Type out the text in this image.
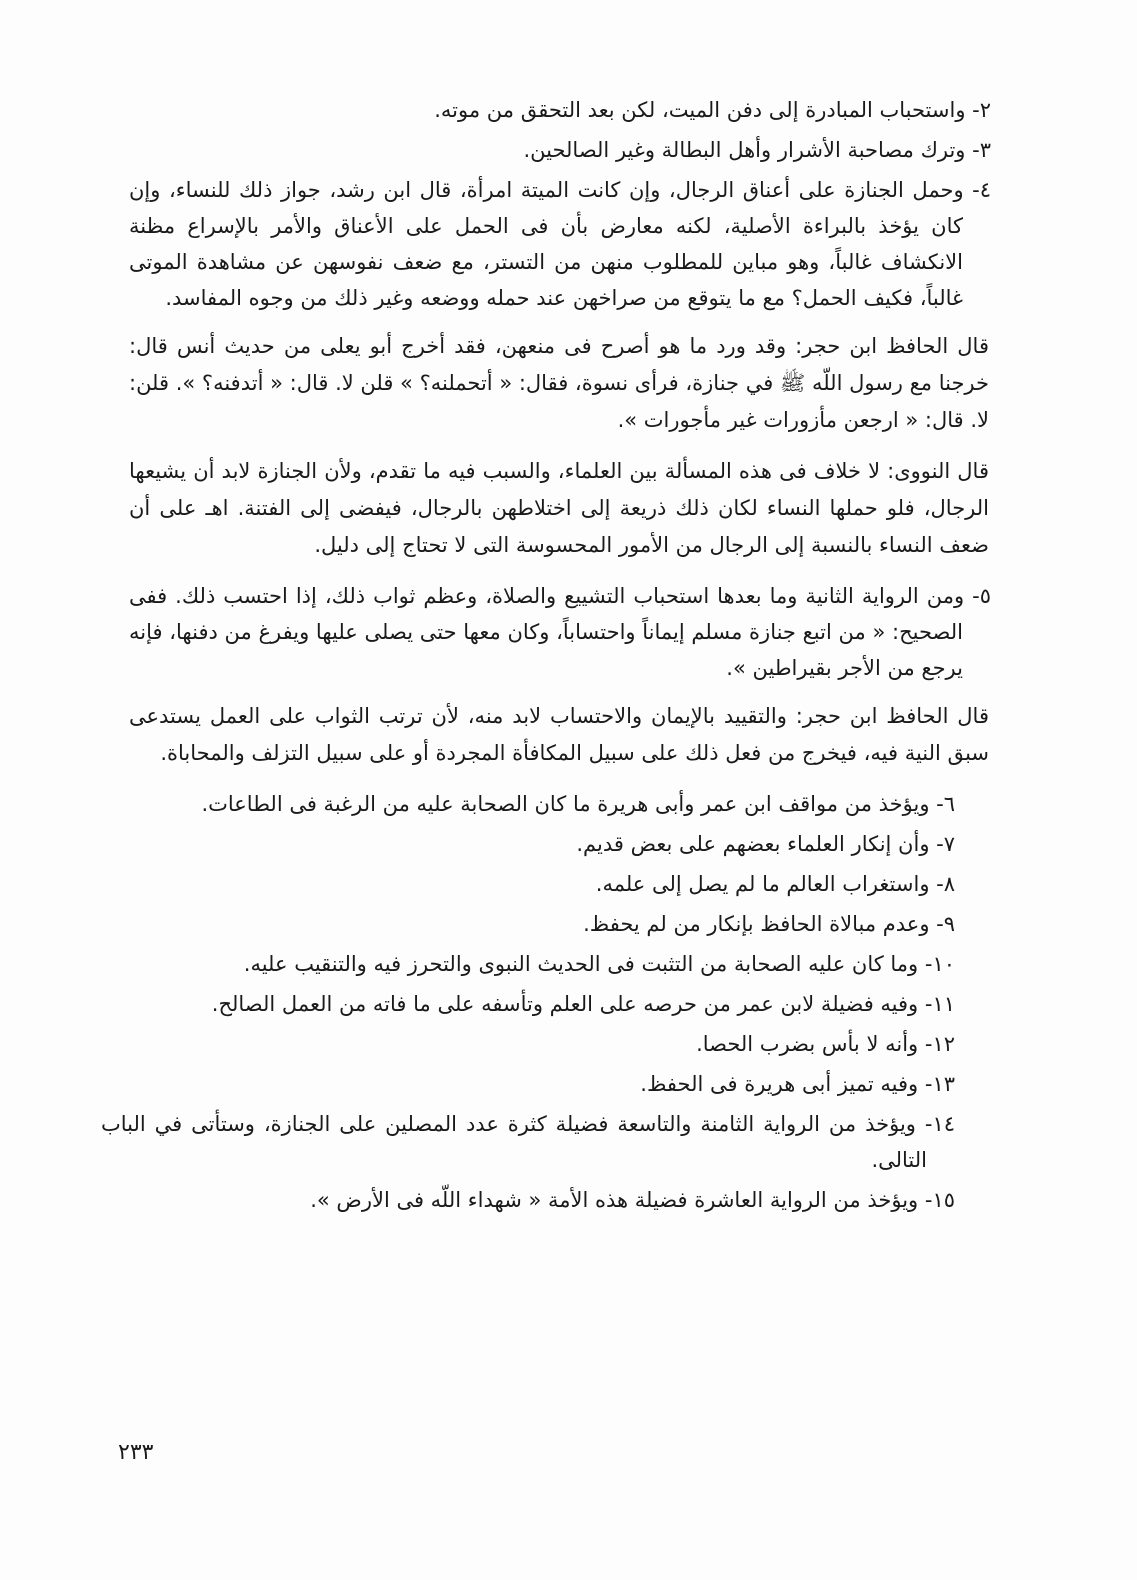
٢- واستحباب المبادرة إلى دفن الميت، لكن بعد التحقق من موته.

٣- وترك مصاحبة الأشرار وأهل البطالة وغير الصالحين.

٤- وحمل الجنازة على أعناق الرجال، وإن كانت الميتة امرأة، قال ابن رشد، جواز ذلك للنساء، وإن كان يؤخذ بالبراءة الأصلية، لكنه معارض بأن فى الحمل على الأعناق والأمر بالإسراع مظنة الانكشاف غالباً، وهو مباين للمطلوب منهن من التستر، مع ضعف نفوسهن عن مشاهدة الموتى غالباً، فكيف الحمل؟ مع ما يتوقع من صراخهن عند حمله ووضعه وغير ذلك من وجوه المفاسد.

قال الحافظ ابن حجر: وقد ورد ما هو أصرح فى منعهن، فقد أخرج أبو يعلى من حديث أنس قال: خرجنا مع رسول اللّه ﷺ في جنازة، فرأى نسوة، فقال: « أتحملنه؟ » قلن لا. قال: « أتدفنه؟ ». قلن: لا. قال: « ارجعن مأزورات غير مأجورات ».

قال النووى: لا خلاف فى هذه المسألة بين العلماء، والسبب فيه ما تقدم، ولأن الجنازة لابد أن يشيعها الرجال، فلو حملها النساء لكان ذلك ذريعة إلى اختلاطهن بالرجال، فيفضى إلى الفتنة. اهـ على أن ضعف النساء بالنسبة إلى الرجال من الأمور المحسوسة التى لا تحتاج إلى دليل.

٥- ومن الرواية الثانية وما بعدها استحباب التشييع والصلاة، وعظم ثواب ذلك، إذا احتسب ذلك. ففى الصحيح: « من اتبع جنازة مسلم إيماناً واحتساباً، وكان معها حتى يصلى عليها ويفرغ من دفنها، فإنه يرجع من الأجر بقيراطين ».

قال الحافظ ابن حجر: والتقييد بالإيمان والاحتساب لابد منه، لأن ترتب الثواب على العمل يستدعى سبق النية فيه، فيخرج من فعل ذلك على سبيل المكافأة المجردة أو على سبيل التزلف والمحاباة.

٦- ويؤخذ من مواقف ابن عمر وأبى هريرة ما كان الصحابة عليه من الرغبة فى الطاعات.

٧- وأن إنكار العلماء بعضهم على بعض قديم.

٨- واستغراب العالم ما لم يصل إلى علمه.

٩- وعدم مبالاة الحافظ بإنكار من لم يحفظ.

١٠- وما كان عليه الصحابة من التثبت فى الحديث النبوى والتحرز فيه والتنقيب عليه.

١١- وفيه فضيلة لابن عمر من حرصه على العلم وتأسفه على ما فاته من العمل الصالح.

١٢- وأنه لا بأس بضرب الحصا.

١٣- وفيه تميز أبى هريرة فى الحفظ.

١٤- ويؤخذ من الرواية الثامنة والتاسعة فضيلة كثرة عدد المصلين على الجنازة، وستأتى في الباب التالى.

١٥- ويؤخذ من الرواية العاشرة فضيلة هذه الأمة « شهداء اللّه فى الأرض ».

٢٣٣
